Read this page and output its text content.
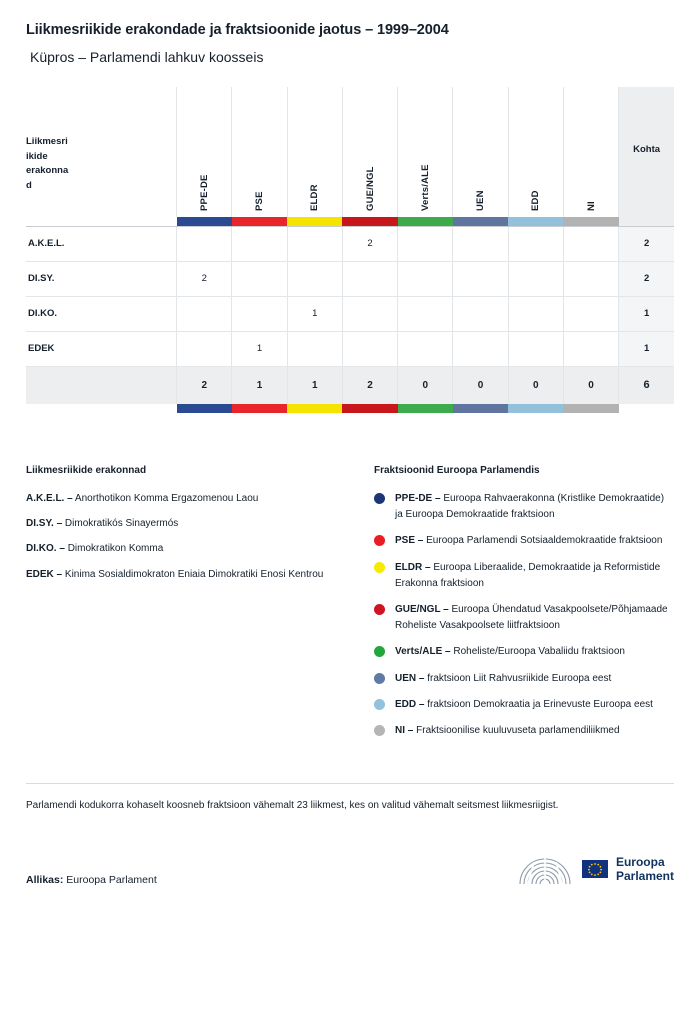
Liikmesriikide erakondade ja fraktsioonide jaotus – 1999–2004
Küpros – Parlamendi lahkuv koosseis
Liikmesri
ikide
erakonna
d	PPE-DE	PSE	ELDR	GUE/NGL	Verts/ALE	UEN	EDD	NI	Kohta

A.K.E.L.				2					2
DI.SY.	2								2
DI.KO.			1						1
EDEK		1							1
	2	1	1	2	0	0	0	0	6

Liikmesriikide erakonnad
A.K.E.L. – Anorthotikon Komma Ergazomenou Laou
DI.SY. – Dimokratikós Sinayermós
DI.KO. – Dimokratikon Komma
EDEK – Kinima Sosialdimokraton Eniaia Dimokratiki Enosi Kentrou
Fraktsioonid Euroopa Parlamendis
PPE-DE – Euroopa Rahvaerakonna (Kristlike Demokraatide) ja Euroopa Demokraatide fraktsioon
PSE – Euroopa Parlamendi Sotsiaaldemokraatide fraktsioon
ELDR – Euroopa Liberaalide, Demokraatide ja Reformistide Erakonna fraktsioon
GUE/NGL – Euroopa Ühendatud Vasakpoolsete/Põhjamaade Roheliste Vasakpoolsete liitfraktsioon
Verts/ALE – Roheliste/Euroopa Vabaliidu fraktsioon
UEN – fraktsioon Liit Rahvusriikide Euroopa eest
EDD – fraktsioon Demokraatia ja Erinevuste Euroopa eest
NI – Fraktsioonilise kuuluvuseta parlamendiliikmed
Parlamendi kodukorra kohaselt koosneb fraktsioon vähemalt 23 liikmest, kes on valitud vähemalt seitsmest liikmesriigist.
Allikas: Euroopa Parlament
Euroopa
Parlament
